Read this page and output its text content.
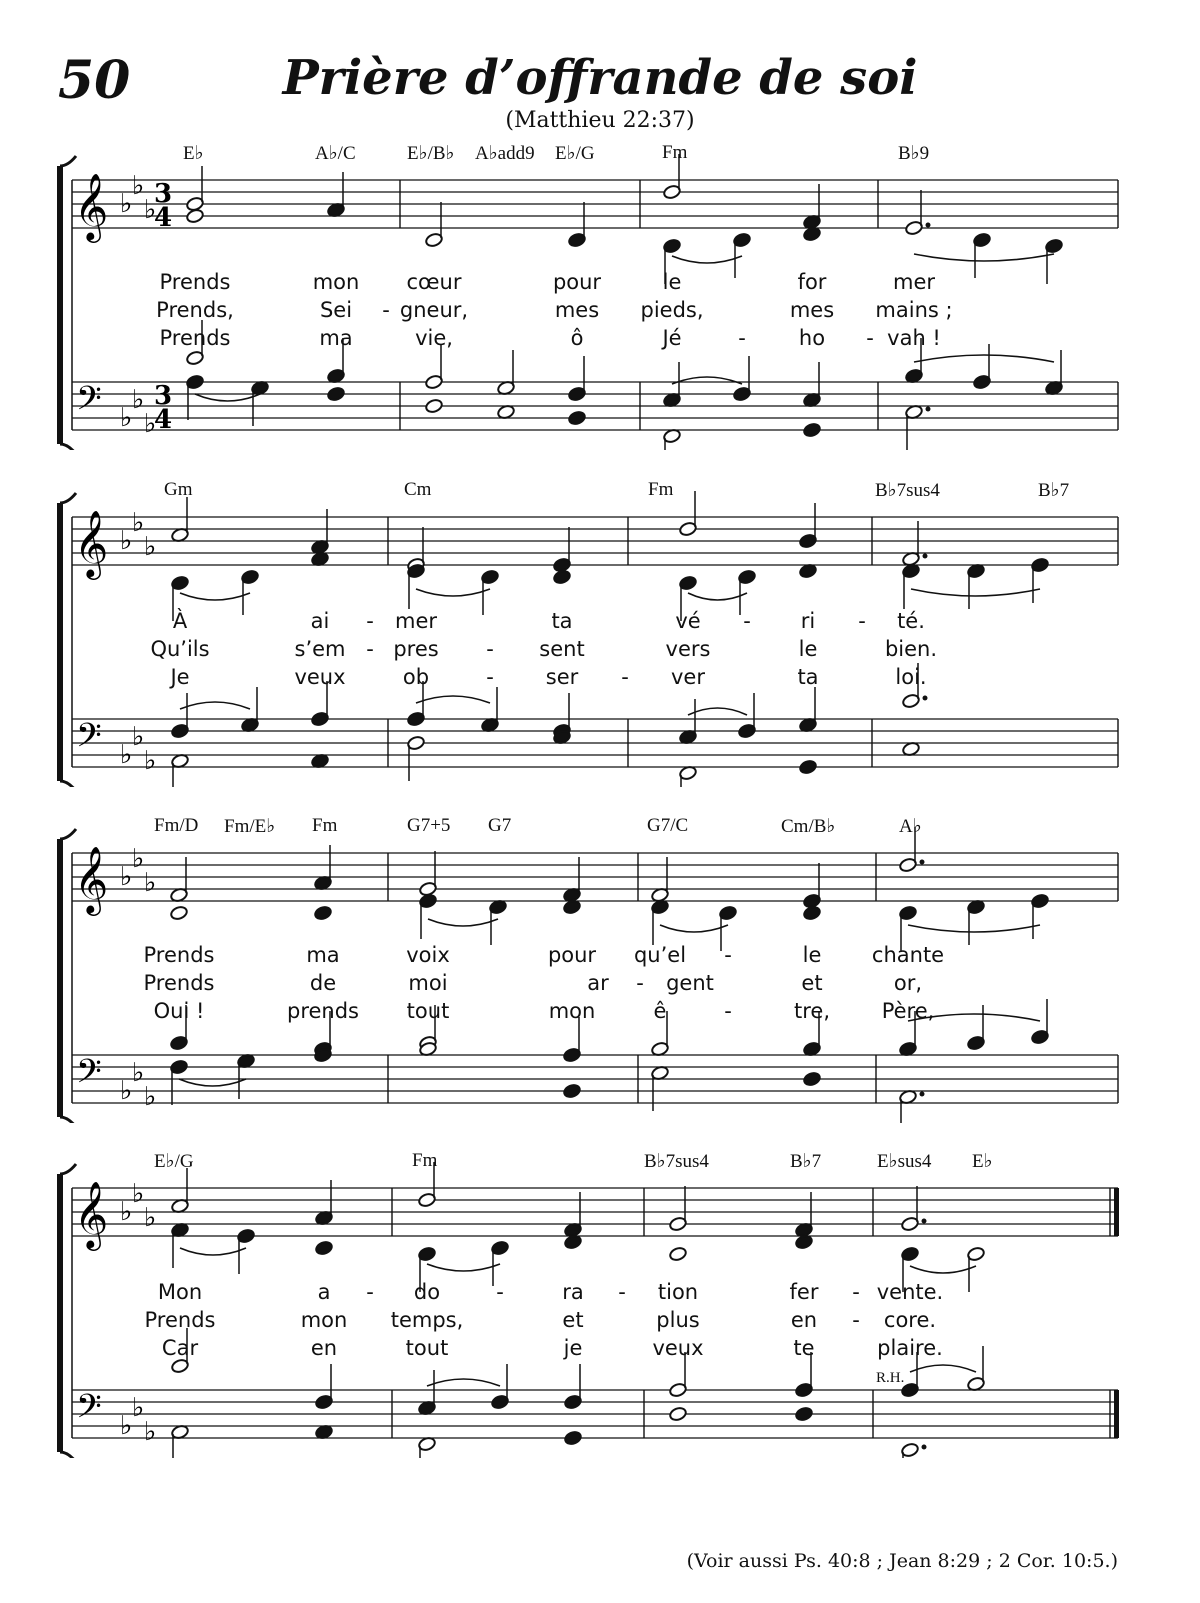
50	Prière d’offrande de soi
(Matthieu 22:37)
𝄞
𝄢
♭
♭
♭
♭
♭
♭
3
4
3
4
E♭	A♭/C	E♭/B♭ A♭add9 E♭/G	Fm	B♭9
Prends	mon cœur	pour	le	for	mer
Prends,	Sei - gneur,	mes pieds,	mes mains ;
Prends	ma	vie,	ô	Jé	-	ho - vah !
𝄞
𝄢
♭
♭
♭
♭
♭
♭
Gm	Cm	Fm	B♭7sus4	B♭7
À	ai - mer	ta	vé - ri - té.
Qu’ils	s’em - pres - sent	vers	le	bien.
Je	veux	ob	- ser - ver	ta	loi.
𝄞
𝄢
♭
♭
♭
♭
♭
♭
Fm/D Fm/E♭ Fm	G7+5 G7	G7/C	Cm/B♭	A♭
Prends	ma	voix	pour qu’el -	le chante
Prends	de	moi	ar - gent	et	or,
Oui !	prends tout	mon	ê	-	tre, Père,
𝄞
𝄢
♭
♭
♭
♭
♭
♭
E♭/G	Fm	B♭7sus4	B♭7	E♭sus4 E♭
Mon	a - do	-	ra - tion	fer - vente.
Prends	mon temps,	et	plus	en - core.
Car	en	tout	je	veux	te	plaire.
R.H.
(Voir aussi Ps. 40:8 ; Jean 8:29 ; 2 Cor. 10:5.)
